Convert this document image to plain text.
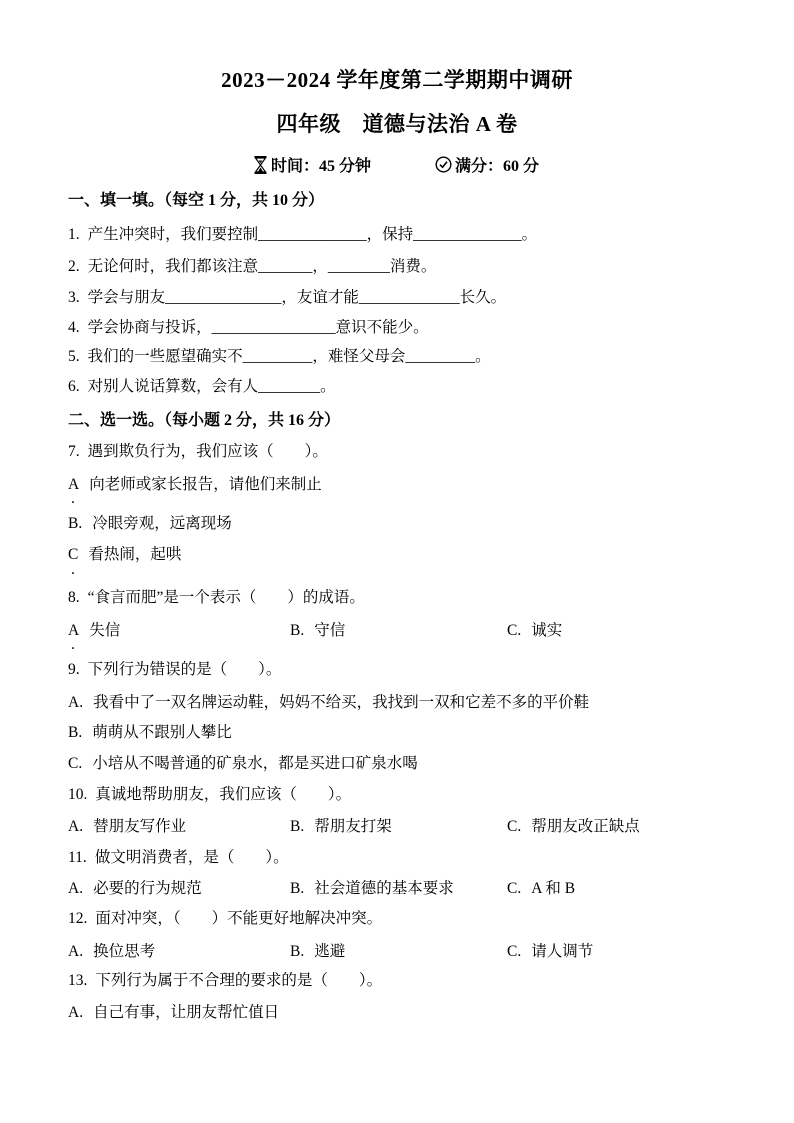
2023－2024 学年度第二学期期中调研
四年级　道德与法治 A 卷
时间：45 分钟	满分：60 分
一、填一填。（每空 1 分，共 10 分）
1. 产生冲突时，我们要控制______________，保持______________。
2. 无论何时，我们都该注意_______，________消费。
3. 学会与朋友_______________，友谊才能_____________长久。
4. 学会协商与投诉，________________意识不能少。
5. 我们的一些愿望确实不_________，难怪父母会_________。
6. 对别人说话算数，会有人________。
二、选一选。（每小题 2 分，共 16 分）
7. 遇到欺负行为，我们应该（　　）。
A 向老师或家长报告，请他们来制止
.
B. 冷眼旁观，远离现场
C 看热闹，起哄
.
8. “食言而肥”是一个表示（　　）的成语。
A 失信	B. 守信	C. 诚实
.
9. 下列行为错误的是（　　）。
A. 我看中了一双名牌运动鞋，妈妈不给买，我找到一双和它差不多的平价鞋
B. 萌萌从不跟别人攀比
C. 小培从不喝普通的矿泉水，都是买进口矿泉水喝
10. 真诚地帮助朋友，我们应该（　　）。
A. 替朋友写作业	B. 帮朋友打架	C. 帮朋友改正缺点
11. 做文明消费者，是（　　）。
A. 必要的行为规范	B. 社会道德的基本要求	C. A 和 B
12. 面对冲突，（　　）不能更好地解决冲突。
A. 换位思考	B. 逃避	C. 请人调节
13. 下列行为属于不合理的要求的是（　　）。
A. 自己有事，让朋友帮忙值日
